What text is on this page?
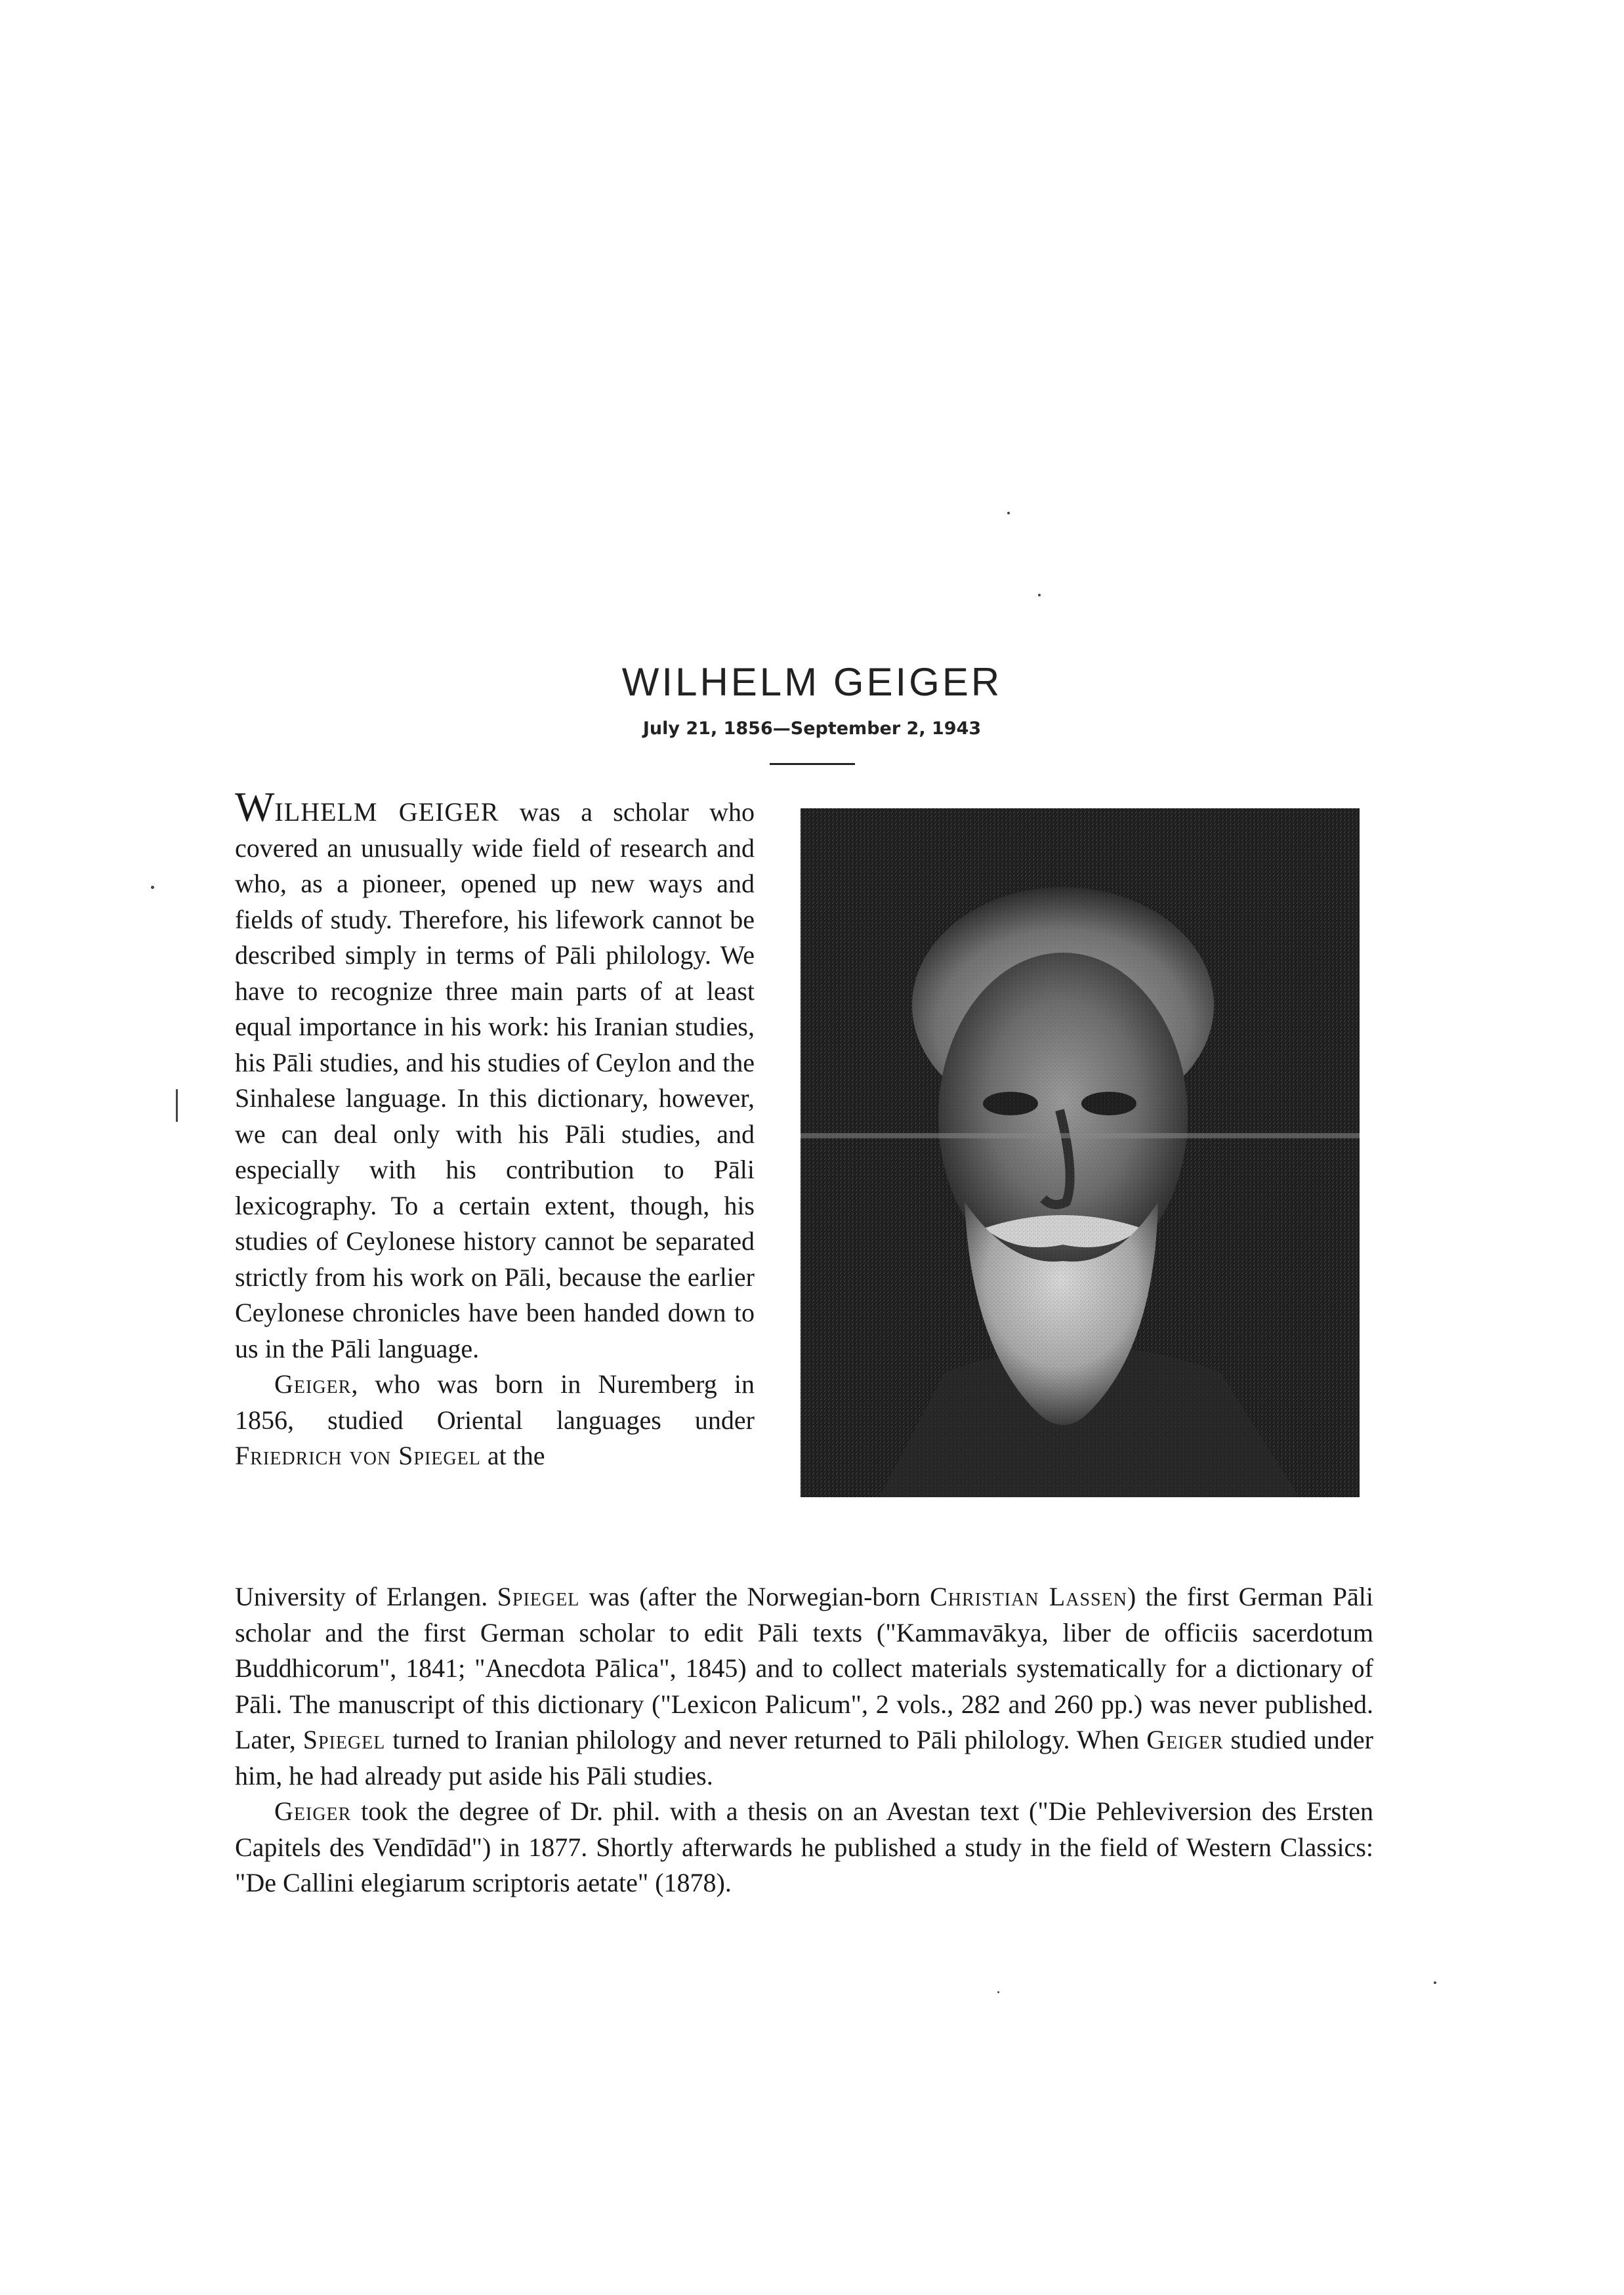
WILHELM GEIGER
July 21, 1856—September 2, 1943

WILHELM GEIGER was a scholar who covered an unusually wide field of research and who, as a pioneer, opened up new ways and fields of study. Therefore, his lifework cannot be described simply in terms of Pāli philology. We have to recognize three main parts of at least equal importance in his work: his Iranian studies, his Pāli studies, and his studies of Ceylon and the Sinhalese language. In this dictionary, however, we can deal only with his Pāli studies, and especially with his contribution to Pāli lexicography. To a certain extent, though, his studies of Ceylonese history cannot be separated strictly from his work on Pāli, because the earlier Ceylonese chronicles have been handed down to us in the Pāli language.

Geiger, who was born in Nuremberg in 1856, studied Oriental languages under Friedrich von Spiegel at the

University of Erlangen. Spiegel was (after the Norwegian-born Christian Lassen) the first German Pāli scholar and the first German scholar to edit Pāli texts ("Kammavākya, liber de officiis sacerdotum Buddhicorum", 1841; "Anecdota Pālica", 1845) and to collect materials systematically for a dictionary of Pāli. The manuscript of this dictionary ("Lexicon Palicum", 2 vols., 282 and 260 pp.) was never published. Later, Spiegel turned to Iranian philology and never returned to Pāli philology. When Geiger studied under him, he had already put aside his Pāli studies.

Geiger took the degree of Dr. phil. with a thesis on an Avestan text ("Die Pehleviversion des Ersten Capitels des Vendīdād") in 1877. Shortly afterwards he published a study in the field of Western Classics: "De Callini elegiarum scriptoris aetate" (1878).
